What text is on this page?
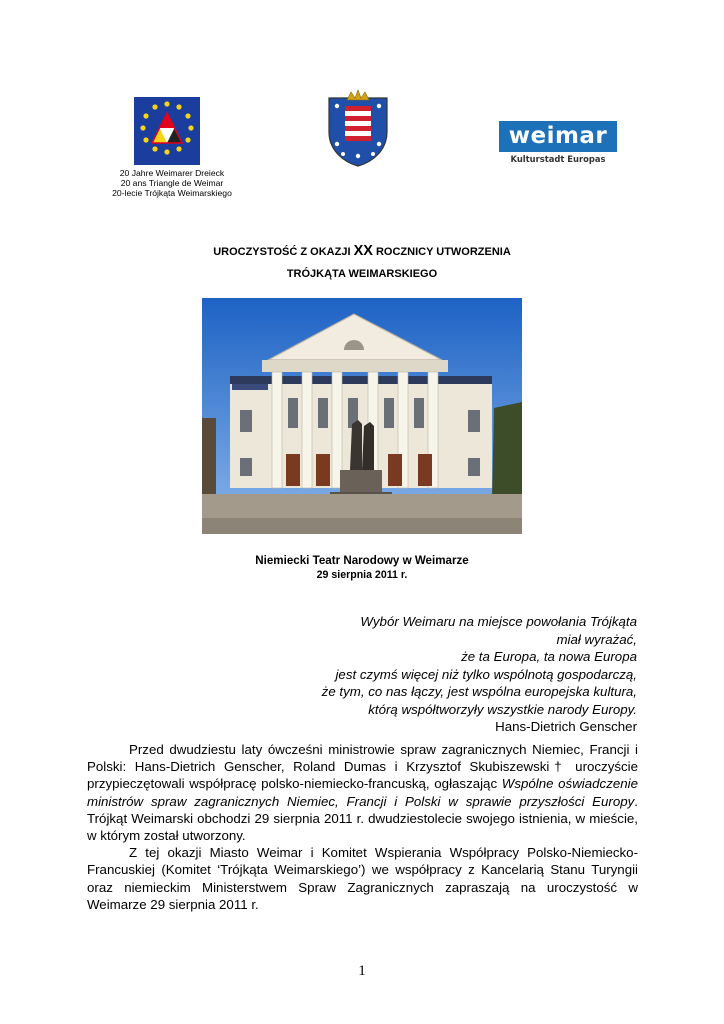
20 Jahre Weimarer Dreieck
20 ans Triangle de Weimar
20-lecie Trójkąta Weimarskiego
weimar
Kulturstadt Europas
UROCZYSTOŚĆ Z OKAZJI XX ROCZNICY UTWORZENIA
TRÓJKĄTA WEIMARSKIEGO
Niemiecki Teatr Narodowy w Weimarze
29 sierpnia 2011 r.
Wybór Weimaru na miejsce powołania Trójkąta
miał wyrażać,
że ta Europa, ta nowa Europa
jest czymś więcej niż tylko wspólnotą gospodarczą,
że tym, co nas łączy, jest wspólna europejska kultura,
którą współtworzyły wszystkie narody Europy.
Hans-Dietrich Genscher

Przed dwudziestu laty ówcześni ministrowie spraw zagranicznych Niemiec, Francji i Polski: Hans-Dietrich Genscher, Roland Dumas i Krzysztof Skubiszewski† uroczyście przypieczętowali współpracę polsko-niemiecko-francuską, ogłaszając Wspólne oświadczenie ministrów spraw zagranicznych Niemiec, Francji i Polski w sprawie przyszłości Europy. Trójkąt Weimarski obchodzi 29 sierpnia 2011 r. dwudziestolecie swojego istnienia, w mieście, w którym został utworzony.

Z tej okazji Miasto Weimar i Komitet Wspierania Współpracy Polsko-Niemiecko-Francuskiej (Komitet ‘Trójkąta Weimarskiego’) we współpracy z Kancelarią Stanu Turyngii oraz niemieckim Ministerstwem Spraw Zagranicznych zapraszają na uroczystość w Weimarze 29 sierpnia 2011 r.

1
